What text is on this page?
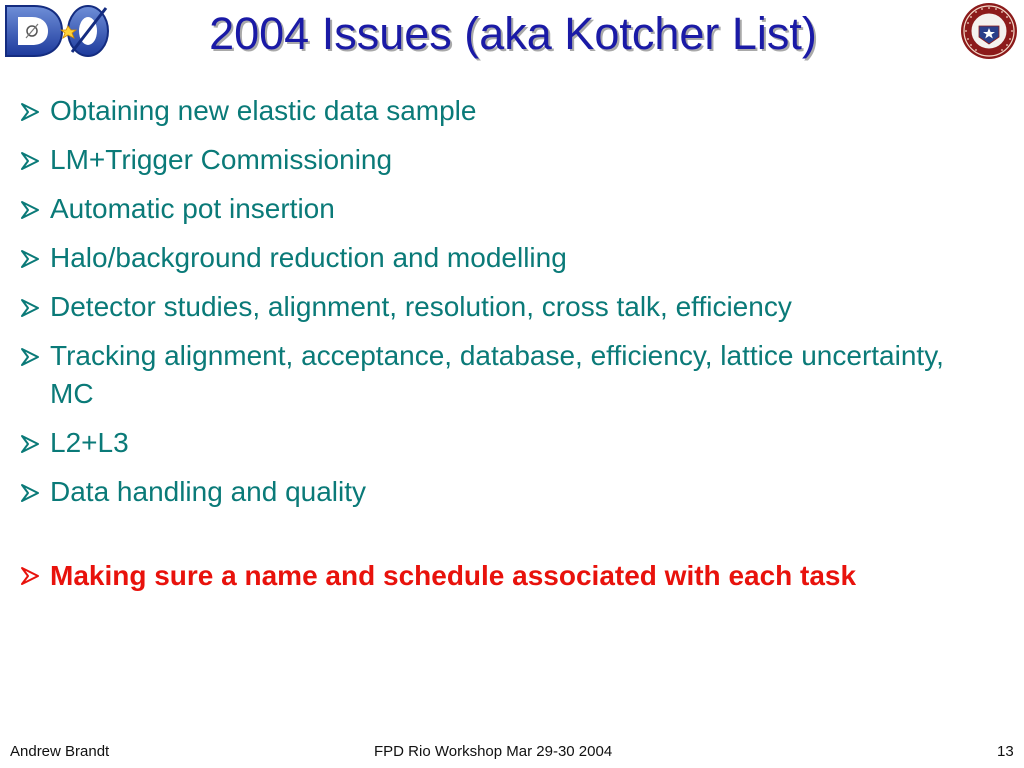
2004 Issues (aka Kotcher List)
Obtaining new elastic data sample
LM+Trigger Commissioning
Automatic pot insertion
Halo/background reduction and modelling
Detector studies, alignment, resolution, cross talk, efficiency
Tracking alignment, acceptance, database, efficiency, lattice uncertainty, MC
L2+L3
Data handling and quality
Making sure a name and schedule associated with each task
Andrew Brandt	FPD Rio Workshop Mar 29-30 2004	13
